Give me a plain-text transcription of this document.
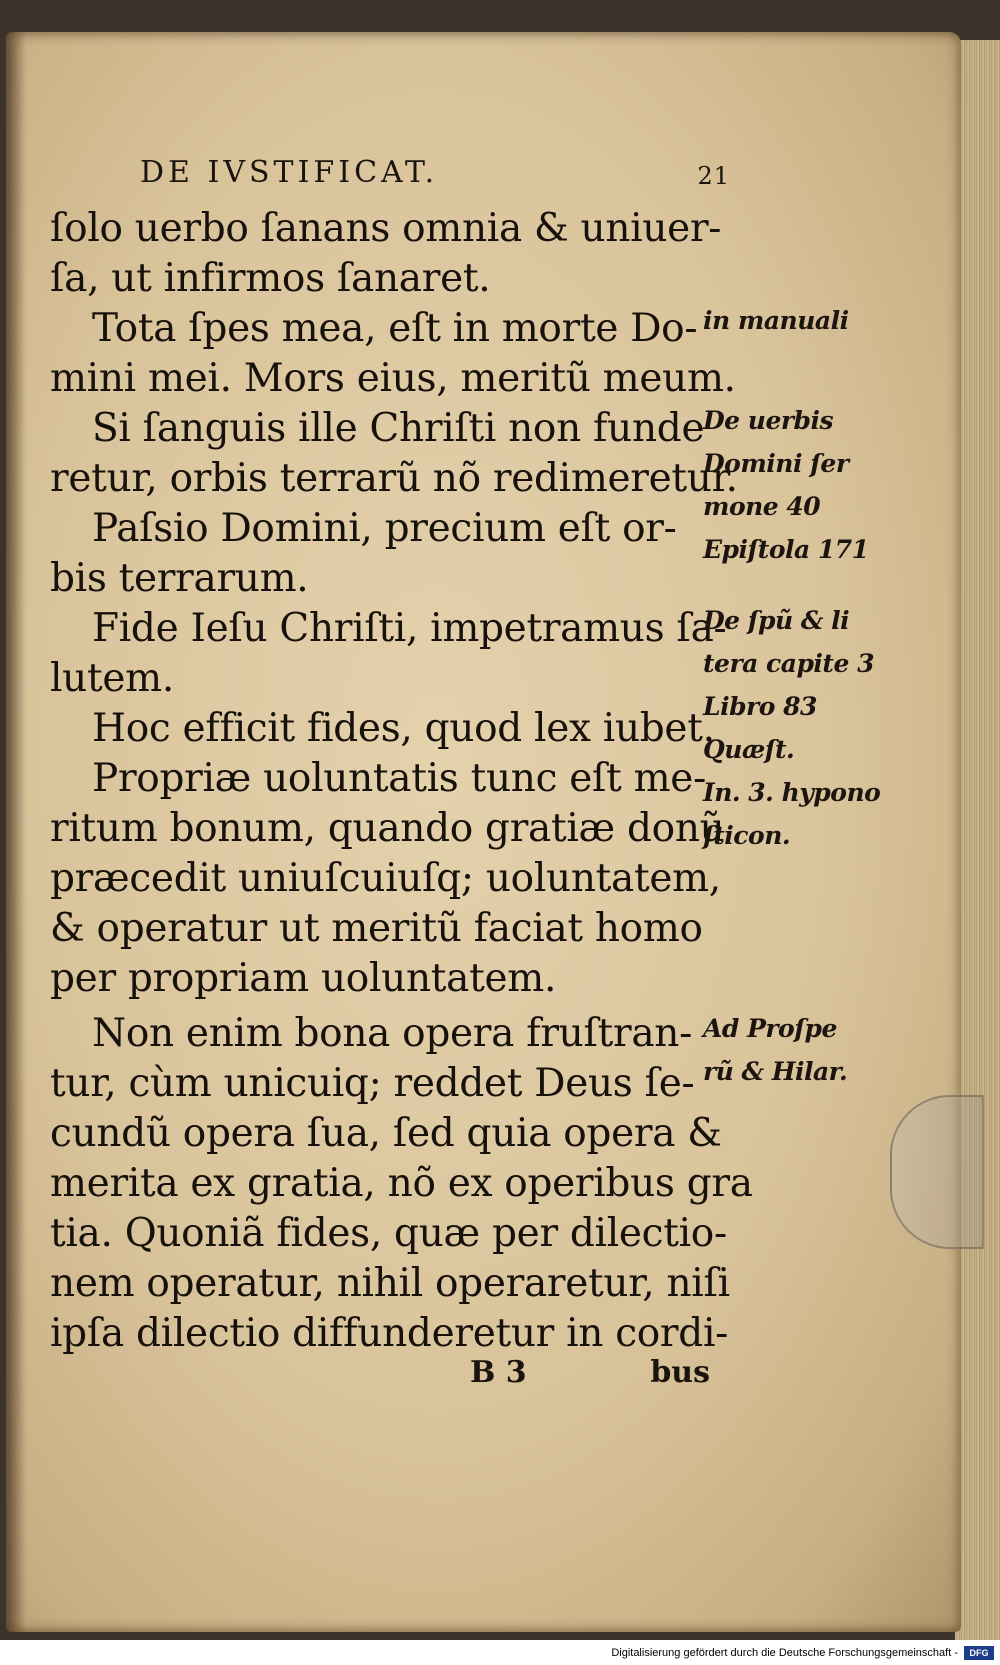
DE IVSTIFICAT.	21
ſolo uerbo ſanans omnia & uniuer-
ſa, ut infirmos ſanaret.
Tota ſpes mea, eſt in morte Do-
mini mei. Mors eius, meritũ meum.
Si ſanguis ille Chriſti non funde
retur, orbis terrarũ nõ redimeretur.
Paſsio Domini, precium eſt or-
bis terrarum.
Fide Ieſu Chriſti, impetramus ſa-
lutem.
Hoc efficit fides, quod lex iubet.
Propriæ uoluntatis tunc eſt me-
ritum bonum, quando gratiæ donũ
præcedit uniuſcuiuſq; uoluntatem,
& operatur ut meritũ faciat homo
per propriam uoluntatem.
Non enim bona opera fruſtran-
tur, cùm unicuiq; reddet Deus ſe-
cundũ opera ſua, ſed quia opera &
merita ex gratia, nõ ex operibus gra
tia. Quoniã fides, quæ per dilectio-
nem operatur, nihil operaretur, niſi
ipſa dilectio diffunderetur in cordi-
in manuali
De uerbis
Domini ſer
mone 40
Epiſtola 171
De ſpũ & li
tera capite 3
Libro 83
Quæſt.
In. 3. hypono
ſticon.
Ad Proſpe
rũ & Hilar.
B 3	bus
Digitalisierung gefördert durch die Deutsche Forschungsgemeinschaft -	DFG
